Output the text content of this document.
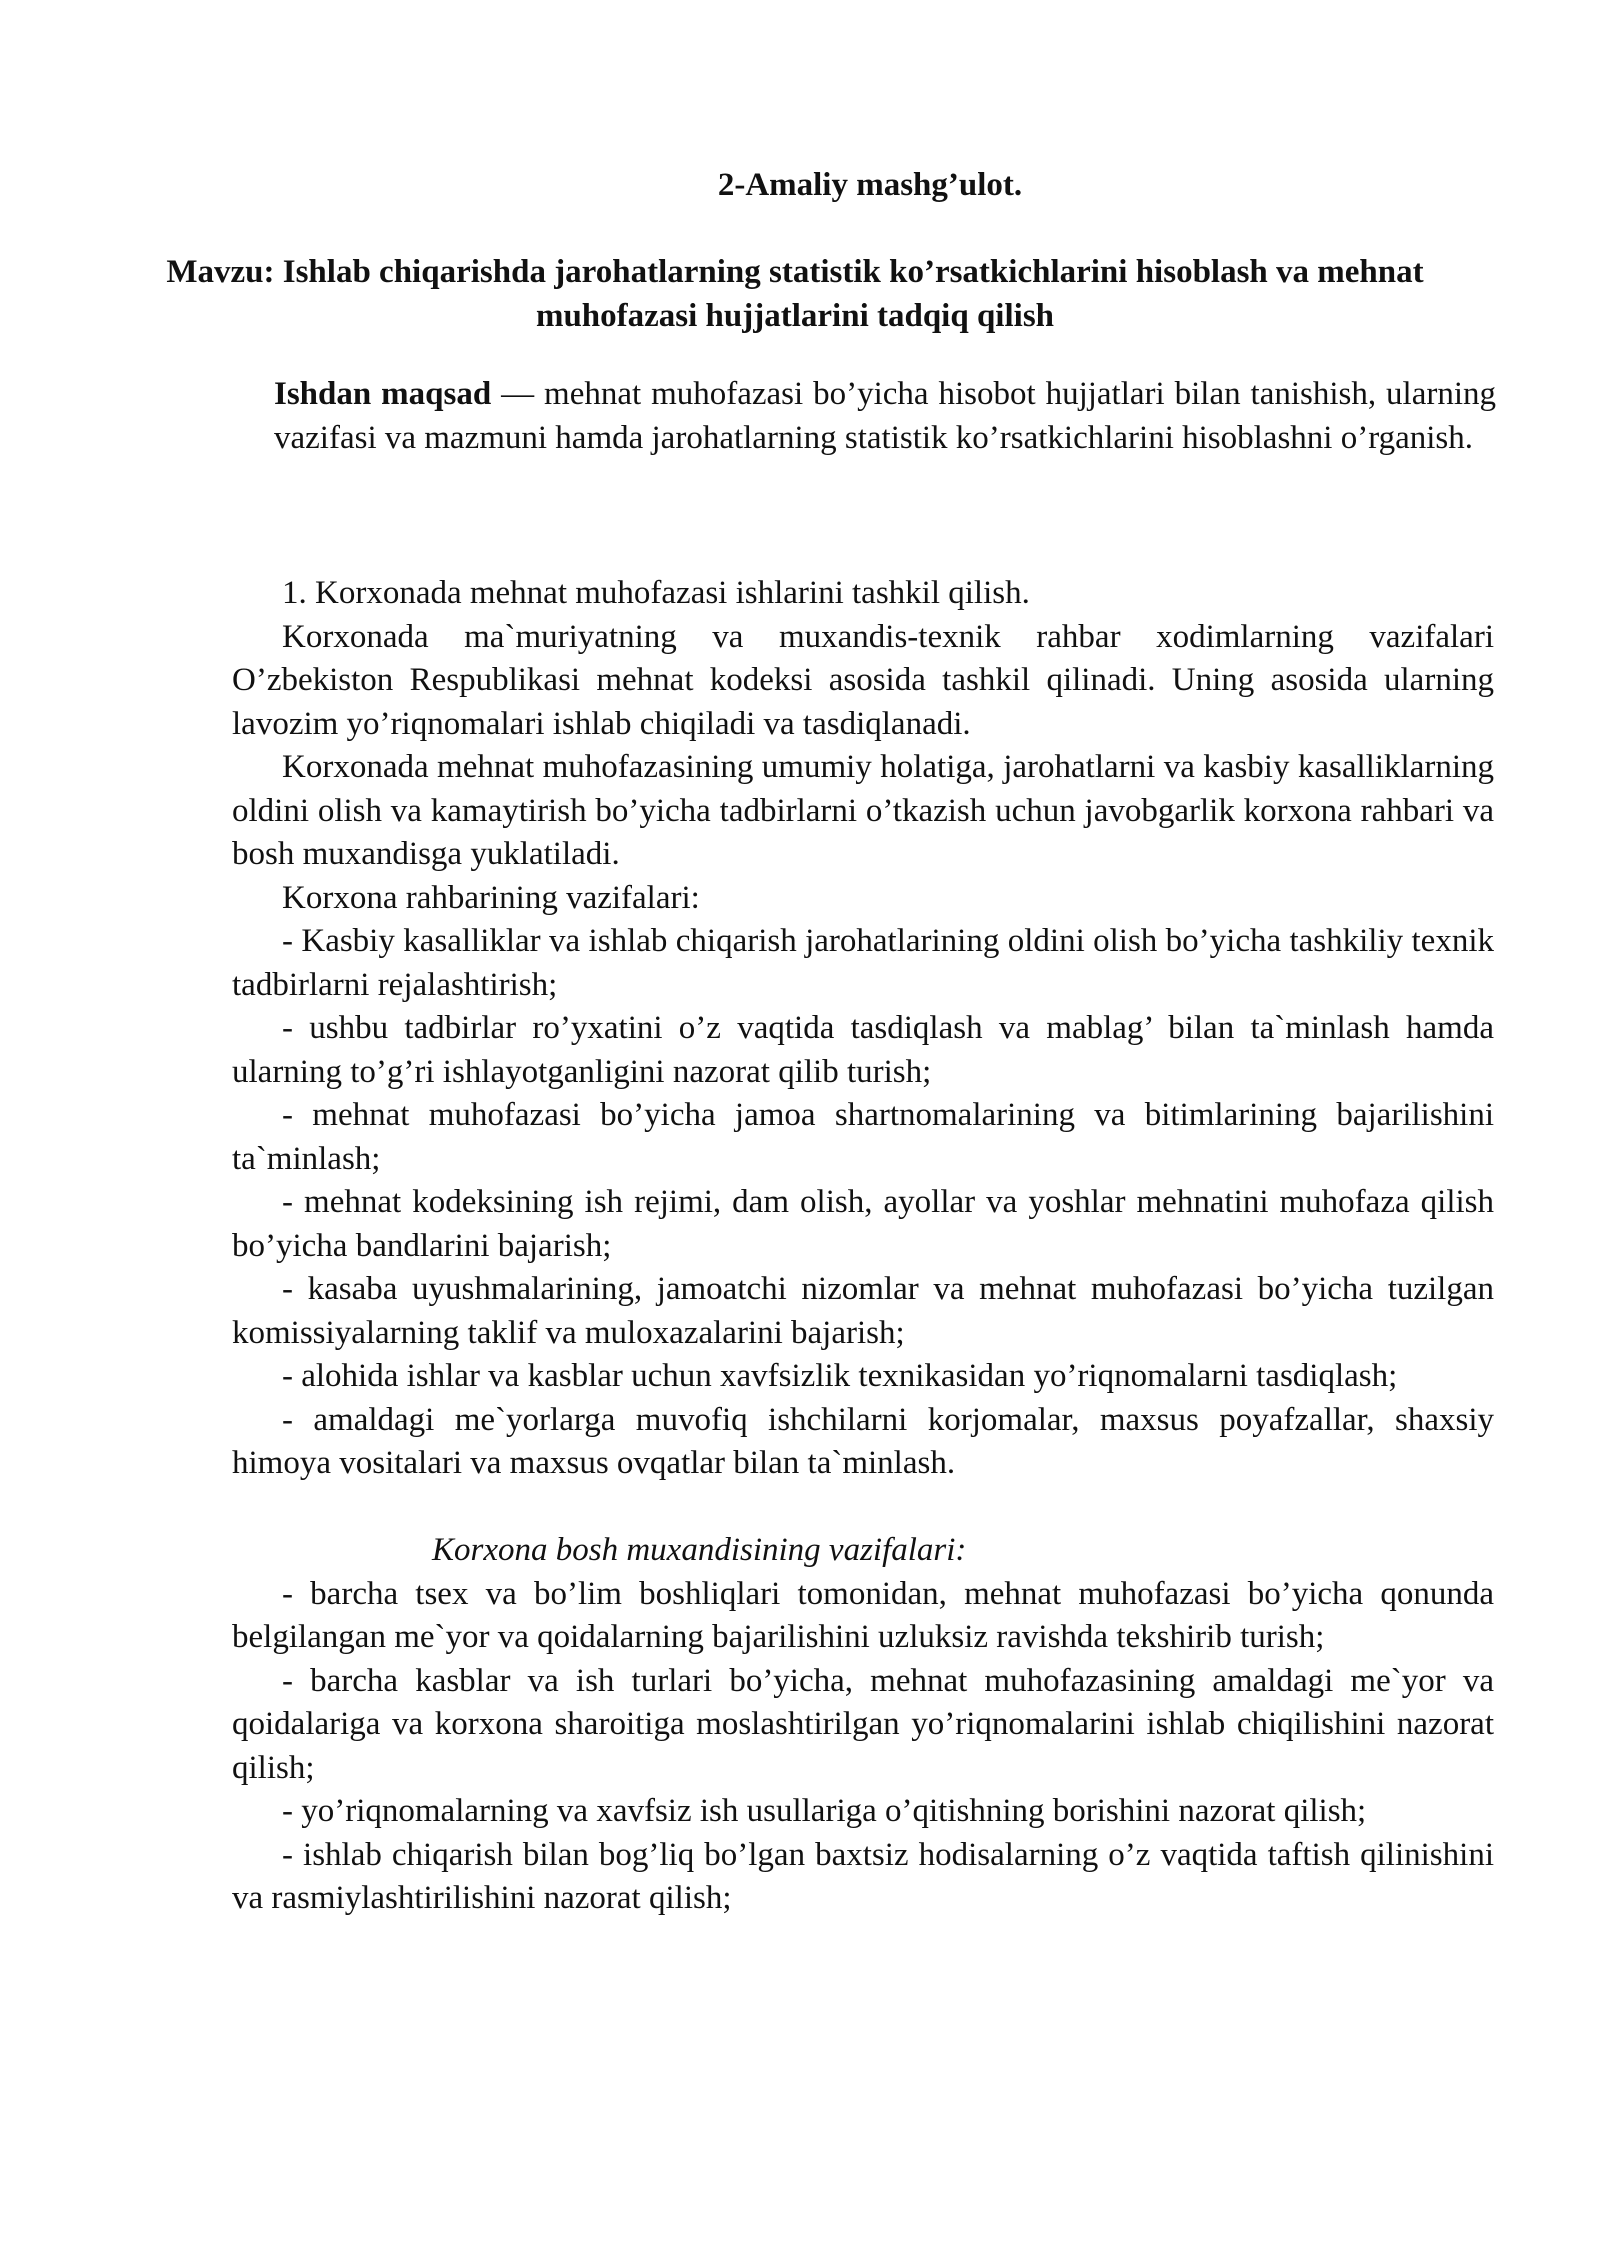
2-Amaliy mashg’ulot.
Mavzu: Ishlab chiqarishda jarohatlarning statistik ko’rsatkichlarini hisoblash va mehnat muhofazasi hujjatlarini tadqiq qilish
Ishdan maqsad — mehnat muhofazasi bo’yicha hisobot hujjatlari bilan tanishish, ularning vazifasi va mazmuni hamda jarohatlarning statistik ko’rsatkichlarini hisoblashni o’rganish.

1. Korxonada mehnat muhofazasi ishlarini tashkil qilish.

Korxonada ma`muriyatning va muxandis-texnik rahbar xodimlarning vazifalari O’zbekiston Respublikasi mehnat kodeksi asosida tashkil qilinadi. Uning asosida ularning lavozim yo’riqnomalari ishlab chiqiladi va tasdiqlanadi.

Korxonada mehnat muhofazasining umumiy holatiga, jarohatlarni va kasbiy kasalliklarning oldini olish va kamaytirish bo’yicha tadbirlarni o’tkazish uchun javobgarlik korxona rahbari va bosh muxandisga yuklatiladi.

Korxona rahbarining vazifalari:

- Kasbiy kasalliklar va ishlab chiqarish jarohatlarining oldini olish bo’yicha tashkiliy texnik tadbirlarni rejalashtirish;

- ushbu tadbirlar ro’yxatini o’z vaqtida tasdiqlash va mablag’ bilan ta`minlash hamda ularning to’g’ri ishlayotganligini nazorat qilib turish;

- mehnat muhofazasi bo’yicha jamoa shartnomalarining va bitimlarining bajarilishini ta`minlash;

- mehnat kodeksining ish rejimi, dam olish, ayollar va yoshlar mehnatini muhofaza qilish bo’yicha bandlarini bajarish;

- kasaba uyushmalarining, jamoatchi nizomlar va mehnat muhofazasi bo’yicha tuzilgan komissiyalarning taklif va muloxazalarini bajarish;

- alohida ishlar va kasblar uchun xavfsizlik texnikasidan yo’riqnomalarni tasdiqlash;

- amaldagi me`yorlarga muvofiq ishchilarni korjomalar, maxsus poyafzallar, shaxsiy himoya vositalari va maxsus ovqatlar bilan ta`minlash.

Korxona bosh muxandisining vazifalari:

- barcha tsex va bo’lim boshliqlari tomonidan, mehnat muhofazasi bo’yicha qonunda belgilangan me`yor va qoidalarning bajarilishini uzluksiz ravishda tekshirib turish;

- barcha kasblar va ish turlari bo’yicha, mehnat muhofazasining amaldagi me`yor va qoidalariga va korxona sharoitiga moslashtirilgan yo’riqnomalarini ishlab chiqilishini nazorat qilish;

- yo’riqnomalarning va xavfsiz ish usullariga o’qitishning borishini nazorat qilish;

- ishlab chiqarish bilan bog’liq bo’lgan baxtsiz hodisalarning o’z vaqtida taftish qilinishini va rasmiylashtirilishini nazorat qilish;
